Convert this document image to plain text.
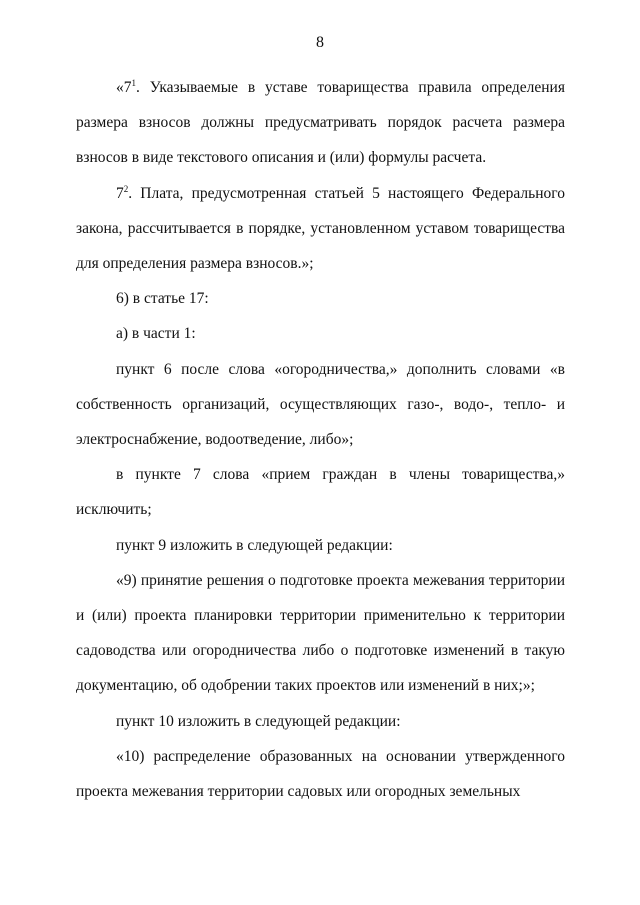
8

«$7^1$. Указываемые в уставе товарищества правила определения размера взносов должны предусматривать порядок расчета размера взносов в виде текстового описания и (или) формулы расчета.

$7^2$. Плата, предусмотренная статьей 5 настоящего Федерального закона, рассчитывается в порядке, установленном уставом товарищества для определения размера взносов.»;

6) в статье 17:

а) в части 1:

пункт 6 после слова «огородничества,» дополнить словами «в собственность организаций, осуществляющих газо-, водо-, тепло- и электроснабжение, водоотведение, либо»;

в пункте 7 слова «прием граждан в члены товарищества,» исключить;

пункт 9 изложить в следующей редакции:

«9) принятие решения о подготовке проекта межевания территории и (или) проекта планировки территории применительно к территории садоводства или огородничества либо о подготовке изменений в такую документацию, об одобрении таких проектов или изменений в них;»;

пункт 10 изложить в следующей редакции:

«10) распределение образованных на основании утвержденного проекта межевания территории садовых или огородных земельных
